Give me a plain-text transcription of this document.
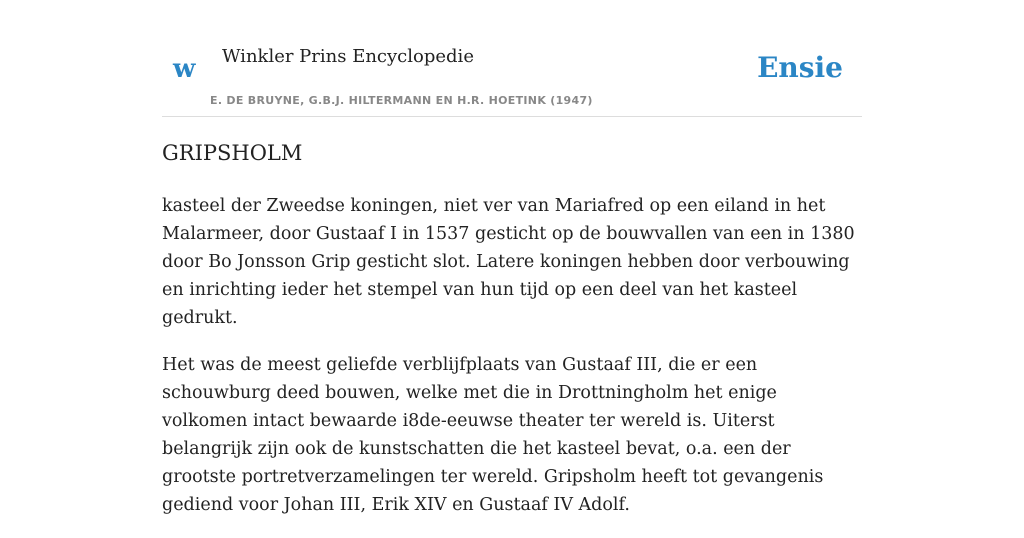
w Winkler Prins Encyclopedie
E. DE BRUYNE, G.B.J. HILTERMANN EN H.R. HOETINK (1947)
Ensie
GRIPSHOLM

kasteel der Zweedse koningen, niet ver van Mariafred op een eiland in het Malarmeer, door Gustaaf I in 1537 gesticht op de bouwvallen van een in 1380 door Bo Jonsson Grip gesticht slot. Latere koningen hebben door verbouwing en inrichting ieder het stempel van hun tijd op een deel van het kasteel gedrukt.

Het was de meest geliefde verblijfplaats van Gustaaf III, die er een schouwburg deed bouwen, welke met die in Drottningholm het enige volkomen intact bewaarde i8de-eeuwse theater ter wereld is. Uiterst belangrijk zijn ook de kunstschatten die het kasteel bevat, o.a. een der grootste portretverzamelingen ter wereld. Gripsholm heeft tot gevangenis gediend voor Johan III, Erik XIV en Gustaaf IV Adolf.
